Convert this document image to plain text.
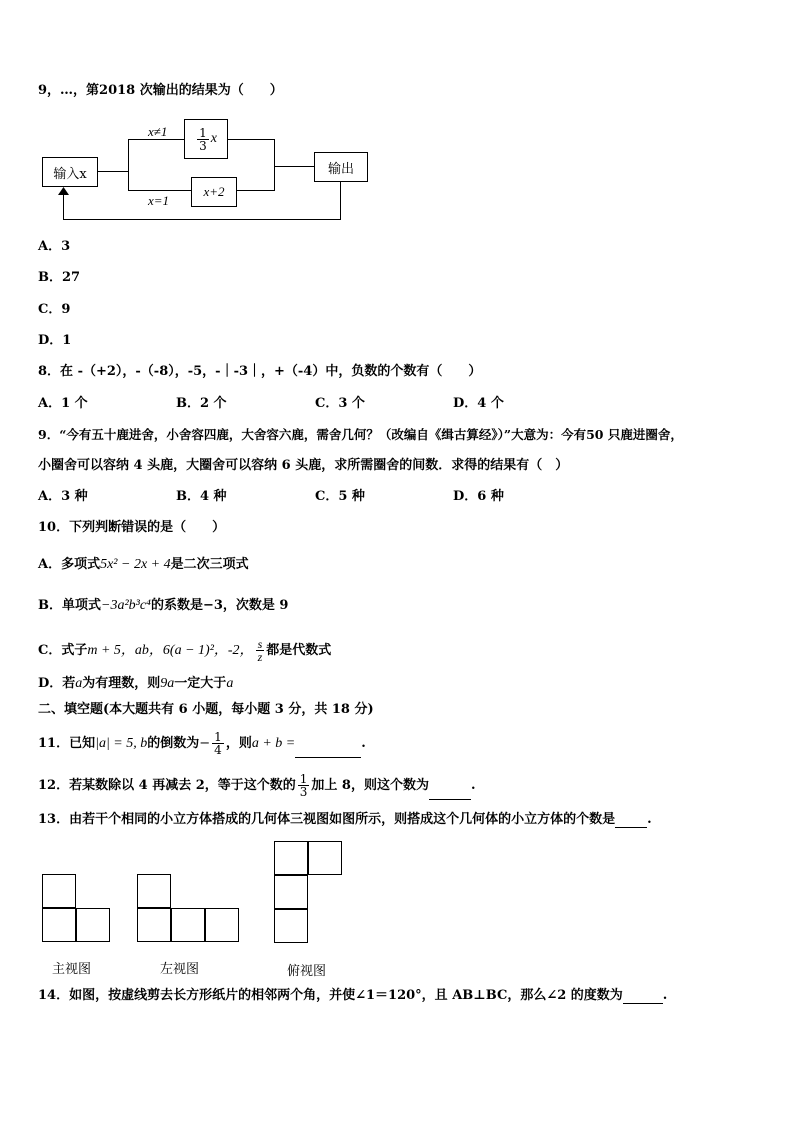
9，…，第2018 次输出的结果为（　　）
输入x
x≠1
x=1
$\frac{1}{3}$ x
x+2
输出
A．3
B．27
C．9
D．1
8．在 -（+2），-（-8），-5，-｜-3｜，+（-4）中，负数的个数有（　　）
A．1 个	B．2 个	C．3 个	D．4 个
9．“今有五十鹿进舍，小舍容四鹿，大舍容六鹿，需舍几何？（改编自《缉古算经》）”大意为：今有50 只鹿进圈舍，
小圈舍可以容纳 4 头鹿，大圈舍可以容纳 6 头鹿，求所需圈舍的间数．求得的结果有（　）
A．3 种	B．4 种	C．5 种	D．6 种
10．下列判断错误的是（　　）
A．多项式5x² − 2x + 4是二次三项式
B．单项式−3a²b³c⁴的系数是−3，次数是 9
C．式子m + 5，ab，6(a − 1)²，-2， $\frac{s}{z}$ 都是代数式
D．若a为有理数，则9a一定大于a
二、填空题(本大题共有 6 小题，每小题 3 分，共 18 分)
11．已知|a| = 5, b的倒数为− $\frac{1}{4}$ ，则a + b =	.
12．若某数除以 4 再减去 2，等于这个数的 $\frac{1}{3}$ 加上 8，则这个数为	.
13．由若干个相同的小立方体搭成的几何体三视图如图所示，则搭成这个几何体的小立方体的个数是 .
主视图	左视图	俯视图
14．如图，按虚线剪去长方形纸片的相邻两个角，并使∠1＝120°，且 AB⊥BC，那么∠2 的度数为	.
